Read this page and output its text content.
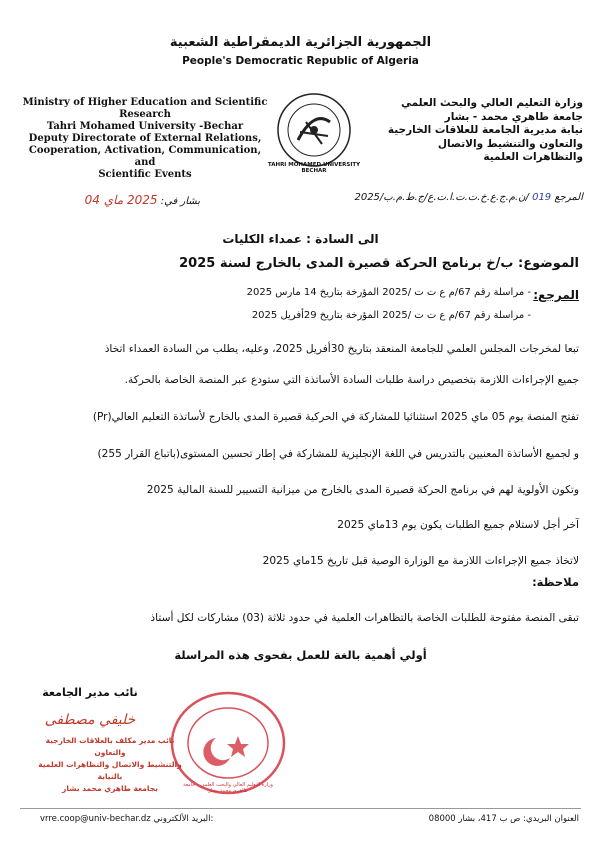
الجمهورية الجزائرية الديمقراطية الشعبية
People's Democratic Republic of Algeria
Ministry of Higher Education and Scientific
Research
Tahri Mohamed University -Bechar
Deputy Directorate of External Relations,
Cooperation, Activation, Communication, and
Scientific Events
TAHRI MOHAMED UNIVERSITY BECHAR
وزارة التعليم العالي والبحث العلمي
جامعة طاهري محمد - بشار
نيابة مديرية الجامعة للعلاقات الخارجية
والتعاون والتنشيط والاتصال
والتظاهرات العلمية
المرجع 019 /ن.م.ج.ع.خ.ت.ت.ا.ت.ع/ج.ط.م.ب/2025
بشار في: 2025 ماي 04
الى السادة : عمداء الكليات
الموضوع: ب/خ برنامج الحركة قصيرة المدى بالخارج لسنة 2025
المرجع:
- مراسلة رقم 67/م ع ت ت /2025 المؤرخة بتاريخ 14 مارس 2025
- مراسلة رقم 67/م ع ت ت /2025 المؤرخة بتاريخ 29أفريل 2025
تبعا لمخرجات المجلس العلمي للجامعة المنعقد بتاريخ 30أفريل 2025، وعليه، يطلب من السادة العمداء اتخاذ
جميع الإجراءات اللازمة بتخصيص دراسة طلبات السادة الأساتذة التي ستودع عبر المنصة الخاصة بالحركة.
تفتح المنصة يوم 05 ماي 2025 استثنائيا للمشاركة في الحركية قصيرة المدى بالخارج لأساتذة التعليم العالي(Pr)
و لجميع الأساتذة المعنيين بالتدريس في اللغة الإنجليزية للمشاركة في إطار تحسين المستوى(باتباع القرار 255)
وتكون الأولوية لهم في برنامج الحركة قصيرة المدى بالخارج من ميزانية التسيير للسنة المالية 2025
آخر أجل لاستلام جميع الطلبات يكون يوم 13ماي 2025
لاتخاذ جميع الإجراءات اللازمة مع الوزارة الوصية قبل تاريخ 15ماي 2025
ملاحظة:
تبقى المنصة مفتوحة للطلبات الخاصة بالتظاهرات العلمية في حدود ثلاثة (03) مشاركات لكل أستاذ
أولي أهمية بالغة للعمل بفحوى هذه المراسلة
نائب مدير الجامعة
خليفي مصطفى
نائب مدير مكلف بالعلاقات الخارجية والتعاون
والتنشيط والاتصال والتظاهرات العلمية بالنيابة
بجامعة طاهري محمد بشار	وزارة التعليم العالي والبحث العلمي - جامعة طاهري محمد بشار
العنوان البريدي: ص ب 417، بشار 08000
vrre.coop@univ-bechar.dz البريد الألكتروني:
